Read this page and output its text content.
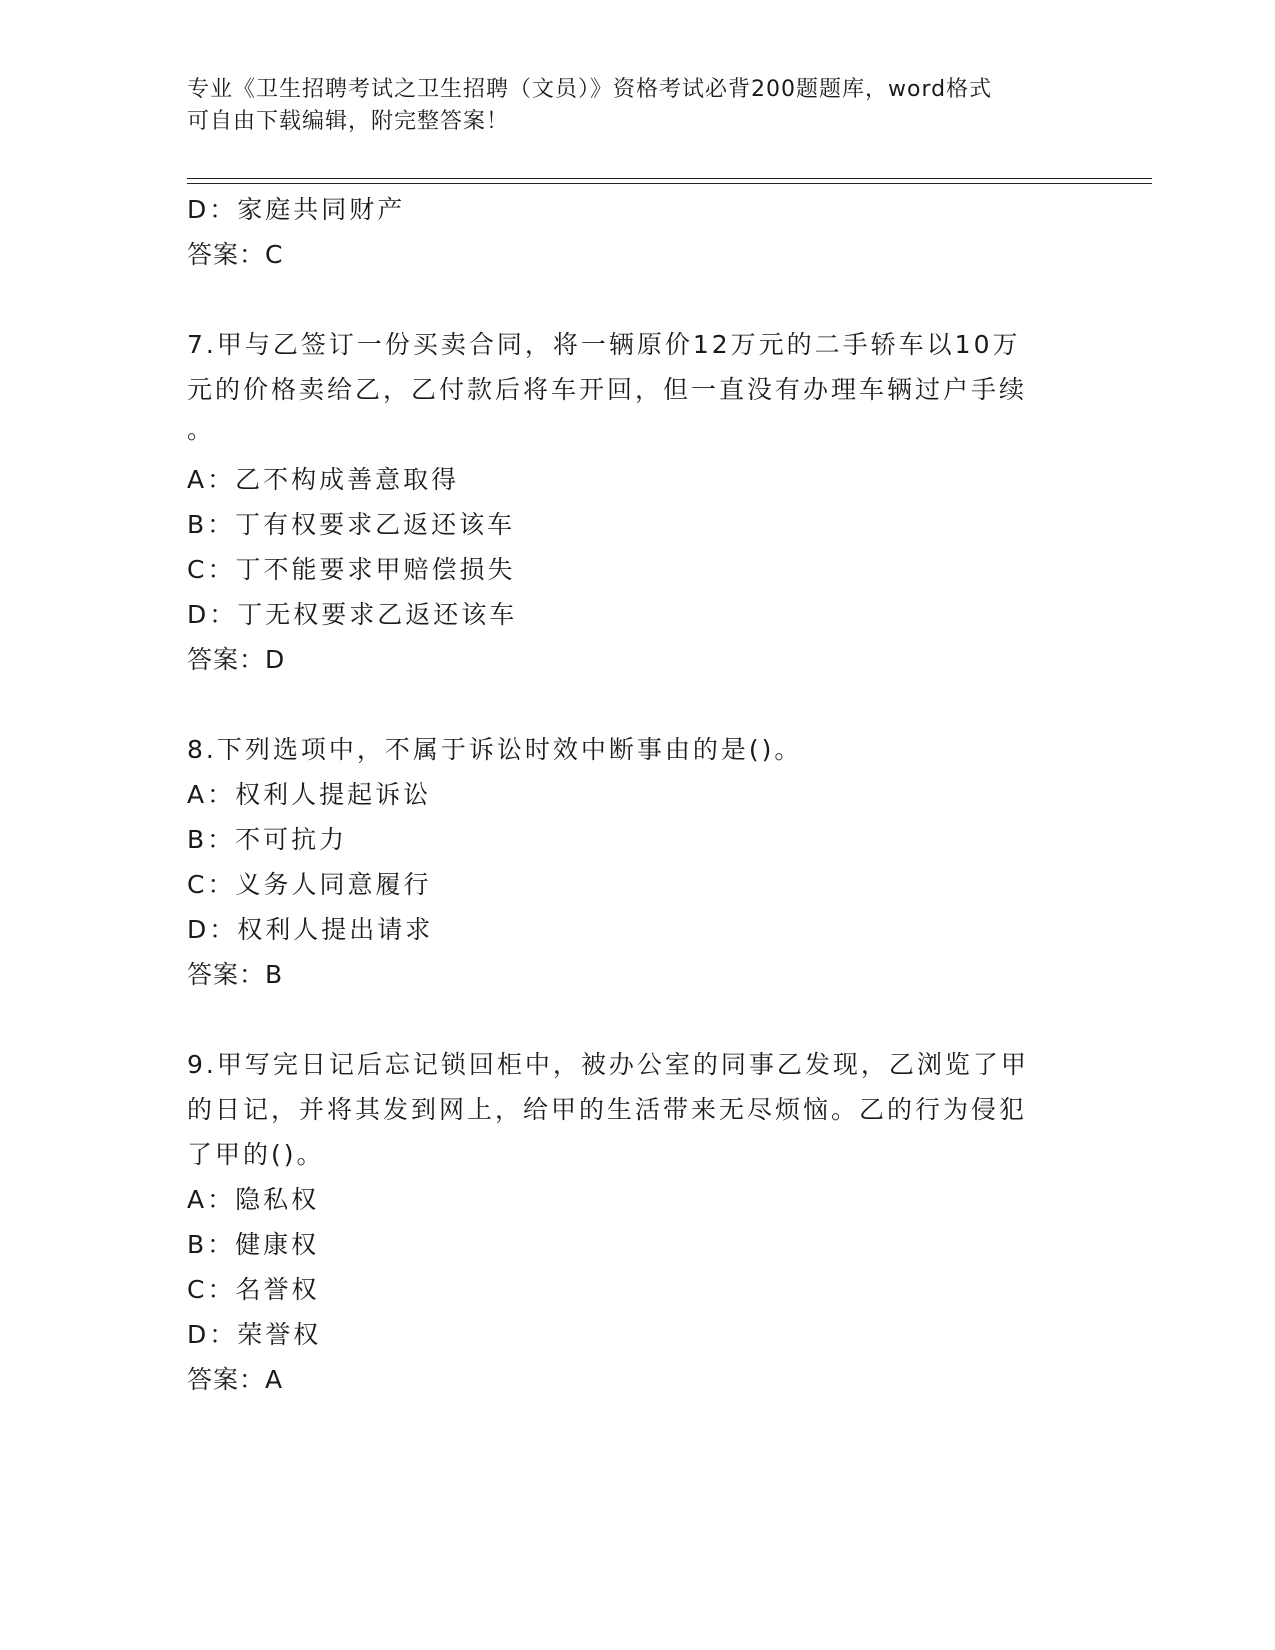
专业《卫生招聘考试之卫生招聘（文员）》资格考试必背200题题库，word格式
可自由下载编辑，附完整答案！
D：家庭共同财产
答案：C
7.甲与乙签订一份买卖合同，将一辆原价12万元的二手轿车以10万
元的价格卖给乙，乙付款后将车开回，但一直没有办理车辆过户手续
。
A：乙不构成善意取得
B：丁有权要求乙返还该车
C：丁不能要求甲赔偿损失
D：丁无权要求乙返还该车
答案：D
8.下列选项中，不属于诉讼时效中断事由的是()。
A：权利人提起诉讼
B：不可抗力
C：义务人同意履行
D：权利人提出请求
答案：B
9.甲写完日记后忘记锁回柜中，被办公室的同事乙发现，乙浏览了甲
的日记，并将其发到网上，给甲的生活带来无尽烦恼。乙的行为侵犯
了甲的()。
A：隐私权
B：健康权
C：名誉权
D：荣誉权
答案：A
